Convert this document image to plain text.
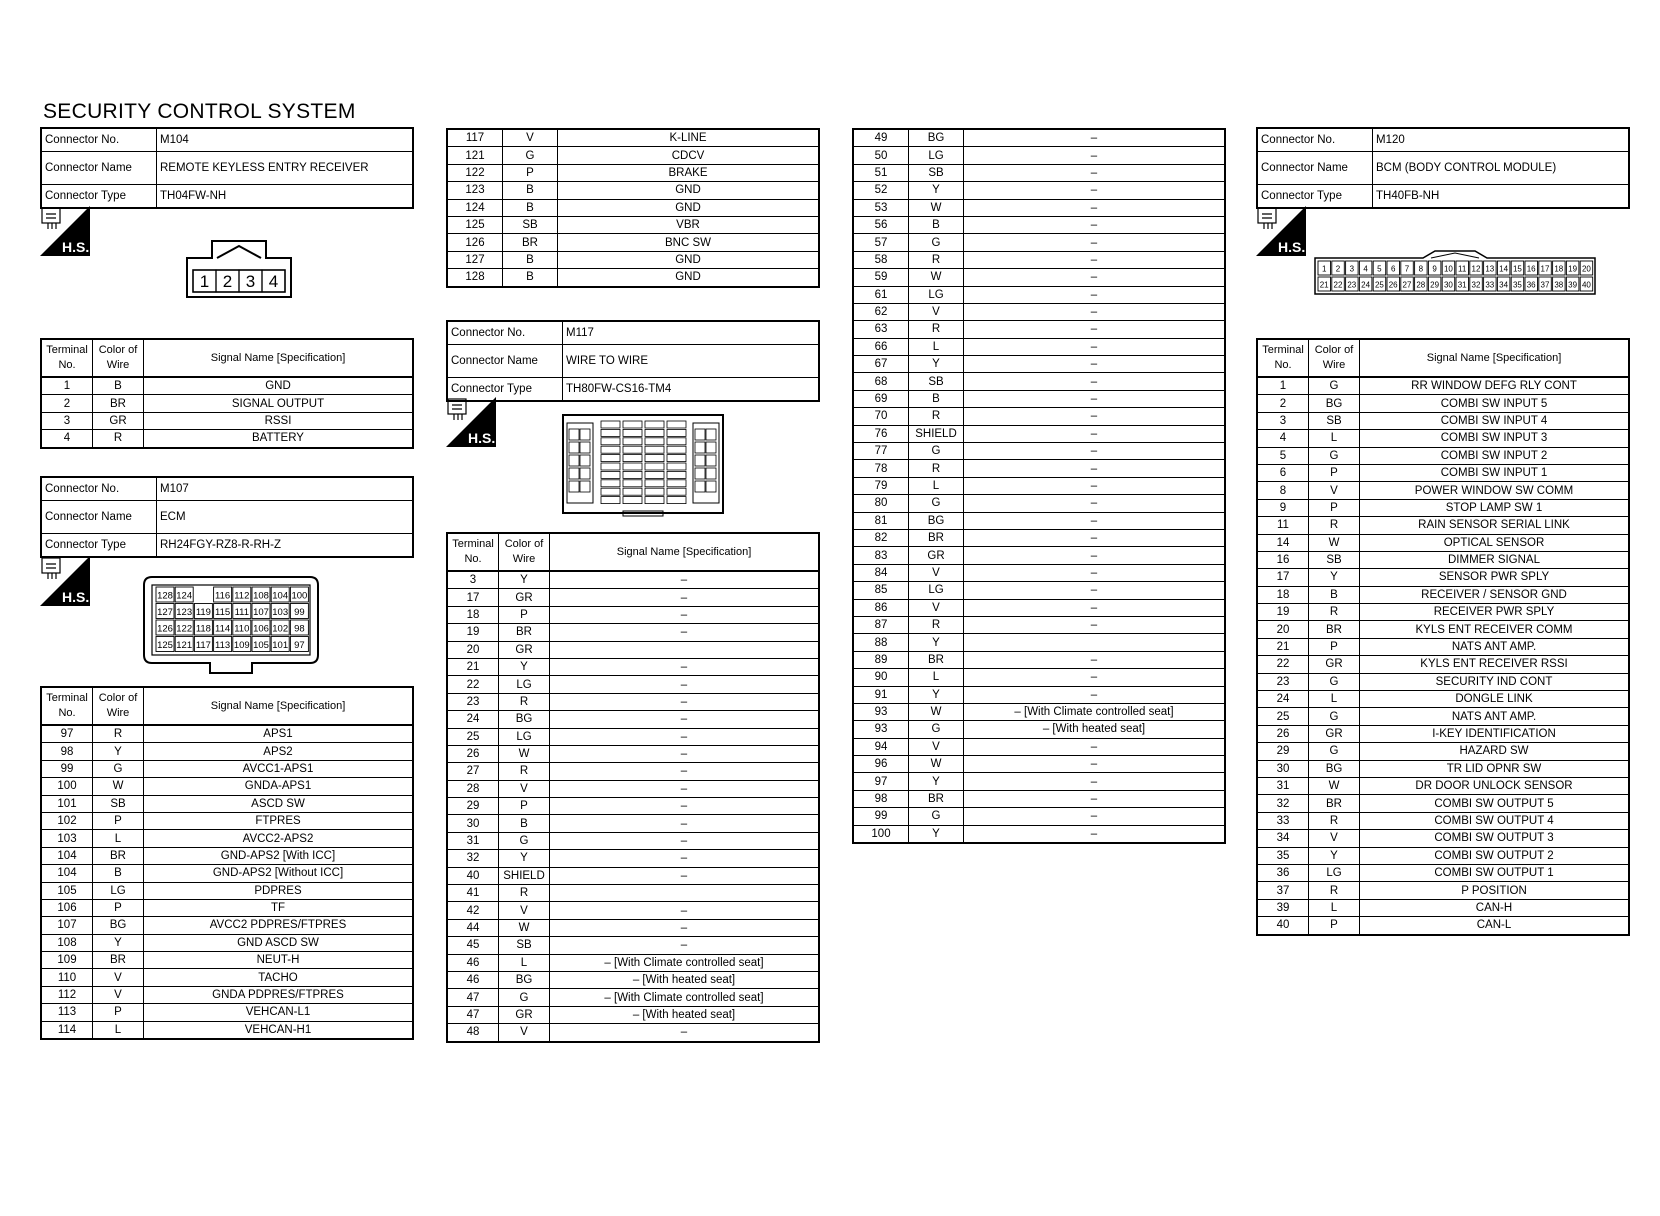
SECURITY CONTROL SYSTEM
Connector No.	M104
Connector Name	REMOTE KEYLESS ENTRY RECEIVER
Connector Type	TH04FW-NH
H.S.
1 2 3 4
Terminal No.	Color of Wire	Signal Name [Specification]
1	B	GND
2	BR	SIGNAL OUTPUT
3	GR	RSSI
4	R	BATTERY
Connector No.	M107
Connector Name	ECM
Connector Type	RH24FGY-RZ8-R-RH-Z
H.S.	128 124 116 112 108 104 100
127 123 119 115 111 107 103 99
126 122 118 114 110 106 102 98
125 121 117 113 109 105 101 97
Terminal No.	Color of Wire	Signal Name [Specification]
97	R	APS1
98	Y	APS2
99	G	AVCC1-APS1
100	W	GNDA-APS1
101	SB	ASCD SW
102	P	FTPRES
103	L	AVCC2-APS2
104	BR	GND-APS2 [With ICC]
104	B	GND-APS2 [Without ICC]
105	LG	PDPRES
106	P	TF
107	BG	AVCC2 PDPRES/FTPRES
108	Y	GND ASCD SW
109	BR	NEUT-H
110	V	TACHO
112	V	GNDA PDPRES/FTPRES
113	P	VEHCAN-L1
114	L	VEHCAN-H1
117	V	K-LINE
121	G	CDCV
122	P	BRAKE
123	B	GND
124	B	GND
125	SB	VBR
126	BR	BNC SW
127	B	GND
128	B	GND
Connector No.	M117
Connector Name	WIRE TO WIRE
Connector Type	TH80FW-CS16-TM4
H.S.
Terminal No.	Color of Wire	Signal Name [Specification]
3	Y	–
17	GR	–
18	P	–
19	BR	–
20	GR	
21	Y	–
22	LG	–
23	R	–
24	BG	–
25	LG	–
26	W	–
27	R	–
28	V	–
29	P	–
30	B	–
31	G	–
32	Y	–
40	SHIELD	–
41	R	
42	V	–
44	W	–
45	SB	–
46	L	– [With Climate controlled seat]
46	BG	– [With heated seat]
47	G	– [With Climate controlled seat]
47	GR	– [With heated seat]
48	V	–
49	BG	–
50	LG	–
51	SB	–
52	Y	–
53	W	–
56	B	–
57	G	–
58	R	–
59	W	–
61	LG	–
62	V	–
63	R	–
66	L	–
67	Y	–
68	SB	–
69	B	–
70	R	–
76	SHIELD	–
77	G	–
78	R	–
79	L	–
80	G	–
81	BG	–
82	BR	–
83	GR	–
84	V	–
85	LG	–
86	V	–
87	R	–
88	Y	
89	BR	–
90	L	–
91	Y	–
93	W	– [With Climate controlled seat]
93	G	– [With heated seat]
94	V	–
96	W	–
97	Y	–
98	BR	–
99	G	–
100	Y	–
Connector No.	M120
Connector Name	BCM (BODY CONTROL MODULE)
Connector Type	TH40FB-NH
H.S.
1 2 3 4 5 6 7 8 9 10 11 12 13 14 15 16 17 18 19 20
21 22 23 24 25 26 27 28 29 30 31 32 33 34 35 36 37 38 39 40
Terminal No.	Color of Wire	Signal Name [Specification]
1	G	RR WINDOW DEFG RLY CONT
2	BG	COMBI SW INPUT 5
3	SB	COMBI SW INPUT 4
4	L	COMBI SW INPUT 3
5	G	COMBI SW INPUT 2
6	P	COMBI SW INPUT 1
8	V	POWER WINDOW SW COMM
9	P	STOP LAMP SW 1
11	R	RAIN SENSOR SERIAL LINK
14	W	OPTICAL SENSOR
16	SB	DIMMER SIGNAL
17	Y	SENSOR PWR SPLY
18	B	RECEIVER / SENSOR GND
19	R	RECEIVER PWR SPLY
20	BR	KYLS ENT RECEIVER COMM
21	P	NATS ANT AMP.
22	GR	KYLS ENT RECEIVER RSSI
23	G	SECURITY IND CONT
24	L	DONGLE LINK
25	G	NATS ANT AMP.
26	GR	I-KEY IDENTIFICATION
29	G	HAZARD SW
30	BG	TR LID OPNR SW
31	W	DR DOOR UNLOCK SENSOR
32	BR	COMBI SW OUTPUT 5
33	R	COMBI SW OUTPUT 4
34	V	COMBI SW OUTPUT 3
35	Y	COMBI SW OUTPUT 2
36	LG	COMBI SW OUTPUT 1
37	R	P POSITION
39	L	CAN-H
40	P	CAN-L
